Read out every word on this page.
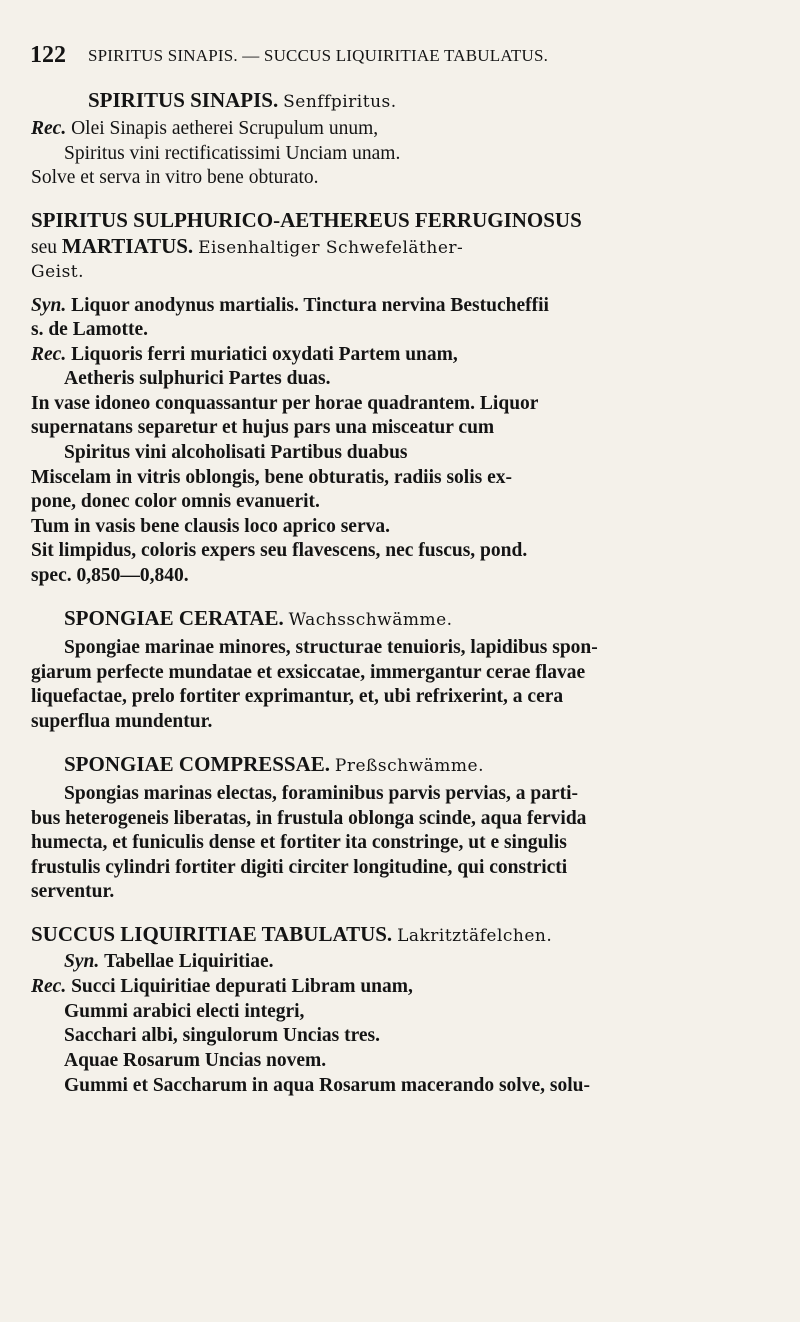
122 SPIRITUS SINAPIS. — SUCCUS LIQUIRITIAE TABULATUS.
SPIRITUS SINAPIS. Senffpiritus.
Rec. Olei Sinapis aetherei Scrupulum unum,
Spiritus vini rectificatissimi Unciam unam.
Solve et serva in vitro bene obturato.
SPIRITUS SULPHURICO-AETHEREUS FERRUGINOSUS
seu MARTIATUS. Eisenhaltiger Schwefeläther-
Geist.
Syn. Liquor anodynus martialis. Tinctura nervina Bestucheffii
s. de Lamotte.
Rec. Liquoris ferri muriatici oxydati Partem unam,
Aetheris sulphurici Partes duas.
In vase idoneo conquassantur per horae quadrantem. Liquor
supernatans separetur et hujus pars una misceatur cum
Spiritus vini alcoholisati Partibus duabus
Miscelam in vitris oblongis, bene obturatis, radiis solis ex-
pone, donec color omnis evanuerit.
Tum in vasis bene clausis loco aprico serva.
Sit limpidus, coloris expers seu flavescens, nec fuscus, pond.
spec. 0,850—0,840.
SPONGIAE CERATAE. Wachsschwämme.
Spongiae marinae minores, structurae tenuioris, lapidibus spon-
giarum perfecte mundatae et exsiccatae, immergantur cerae flavae
liquefactae, prelo fortiter exprimantur, et, ubi refrixerint, a cera
superflua mundentur.
SPONGIAE COMPRESSAE. Preßschwämme.
Spongias marinas electas, foraminibus parvis pervias, a parti-
bus heterogeneis liberatas, in frustula oblonga scinde, aqua fervida
humecta, et funiculis dense et fortiter ita constringe, ut e singulis
frustulis cylindri fortiter digiti circiter longitudine, qui constricti
serventur.
SUCCUS LIQUIRITIAE TABULATUS. Lakritztäfelchen.
Syn. Tabellae Liquiritiae.
Rec. Succi Liquiritiae depurati Libram unam,
Gummi arabici electi integri,
Sacchari albi, singulorum Uncias tres.
Aquae Rosarum Uncias novem.
Gummi et Saccharum in aqua Rosarum macerando solve, solu-
